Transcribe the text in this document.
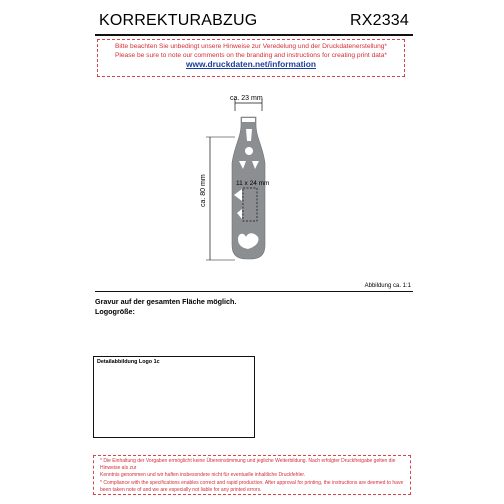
KORREKTURABZUG	RX2334
Bitte beachten Sie unbedingt unsere Hinweise zur Veredelung und der Druckdatenerstellung*
Please be sure to note our comments on the branding and instructions for creating print data*
www.druckdaten.net/information
ca. 23 mm
ca. 80 mm	11 x 24 mm
Abbildung ca. 1:1
Gravur auf der gesamten Fläche möglich.
Logogröße:
Detailabbildung Logo 1c
* Die Einhaltung der Vorgaben ermöglicht keine Übereinstimmung und jegliche Weiterbildung. Nach erfolgter Druckfreigabe gelten die Hinweise als zur
Kenntnis genommen und wir haften insbesondere nicht für eventuelle inhaltliche Druckfehler.
* Compliance with the specifications enables correct and rapid production. After approval for printing, the instructions are deemed to have
been taken note of and we are especially not liable for any printed errors.
